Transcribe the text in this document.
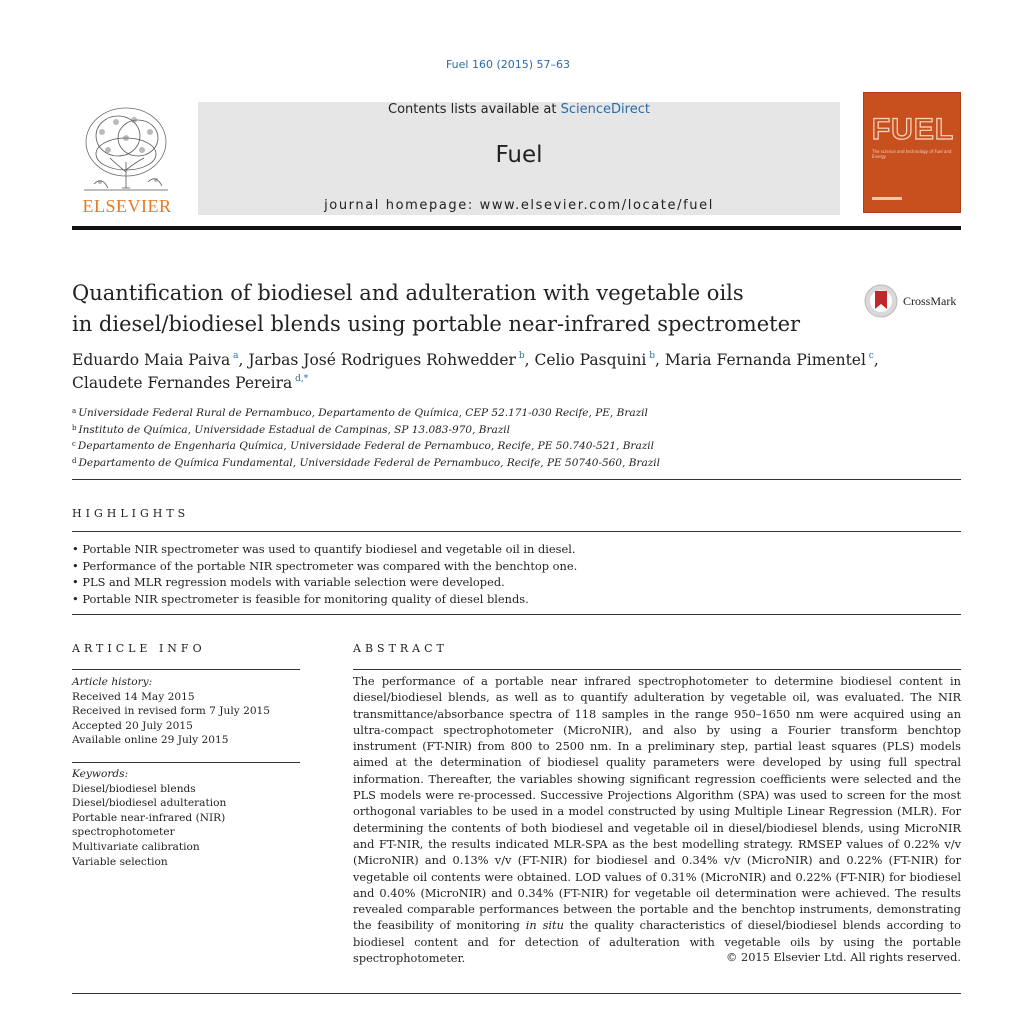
Fuel 160 (2015) 57–63
ELSEVIER
Contents lists available at ScienceDirect
Fuel
journal homepage: www.elsevier.com/locate/fuel
FUEL
The science and technology of Fuel and Energy
Quantification of biodiesel and adulteration with vegetable oils
in diesel/biodiesel blends using portable near-infrared spectrometer
CrossMark
Eduardo Maia Paiva $^a$, Jarbas José Rodrigues Rohwedder $^b$, Celio Pasquini $^b$, Maria Fernanda Pimentel $^c$,
Claudete Fernandes Pereira $^{d,*}$
$^a$ Universidade Federal Rural de Pernambuco, Departamento de Química, CEP 52.171-030 Recife, PE, Brazil
$^b$ Instituto de Química, Universidade Estadual de Campinas, SP 13.083-970, Brazil
$^c$ Departamento de Engenharia Química, Universidade Federal de Pernambuco, Recife, PE 50.740-521, Brazil
$^d$ Departamento de Química Fundamental, Universidade Federal de Pernambuco, Recife, PE 50740-560, Brazil
HIGHLIGHTS
• Portable NIR spectrometer was used to quantify biodiesel and vegetable oil in diesel.
• Performance of the portable NIR spectrometer was compared with the benchtop one.
• PLS and MLR regression models with variable selection were developed.
• Portable NIR spectrometer is feasible for monitoring quality of diesel blends.
ARTICLE INFO
Article history:
Received 14 May 2015
Received in revised form 7 July 2015
Accepted 20 July 2015
Available online 29 July 2015
Keywords:
Diesel/biodiesel blends
Diesel/biodiesel adulteration
Portable near-infrared (NIR)
spectrophotometer
Multivariate calibration
Variable selection
ABSTRACT
The performance of a portable near infrared spectrophotometer to determine biodiesel content in diesel/biodiesel blends, as well as to quantify adulteration by vegetable oil, was evaluated. The NIR transmittance/absorbance spectra of 118 samples in the range 950–1650 nm were acquired using an ultra-compact spectrophotometer (MicroNIR), and also by using a Fourier transform benchtop instrument (FT-NIR) from 800 to 2500 nm. In a preliminary step, partial least squares (PLS) models aimed at the determination of biodiesel quality parameters were developed by using full spectral information. Thereafter, the variables showing significant regression coefficients were selected and the PLS models were re-processed. Successive Projections Algorithm (SPA) was used to screen for the most orthogonal variables to be used in a model constructed by using Multiple Linear Regression (MLR). For determining the contents of both biodiesel and vegetable oil in diesel/biodiesel blends, using MicroNIR and FT-NIR, the results indicated MLR-SPA as the best modelling strategy. RMSEP values of 0.22% v/v (MicroNIR) and 0.13% v/v (FT-NIR) for biodiesel and 0.34% v/v (MicroNIR) and 0.22% (FT-NIR) for vegetable oil contents were obtained. LOD values of 0.31% (MicroNIR) and 0.22% (FT-NIR) for biodiesel and 0.40% (MicroNIR) and 0.34% (FT-NIR) for vegetable oil determination were achieved. The results revealed comparable performances between the portable and the benchtop instruments, demonstrating the feasibility of monitoring in situ the quality characteristics of diesel/biodiesel blends according to biodiesel content and for detection of adulteration with vegetable oils by using the portable spectrophotometer.	© 2015 Elsevier Ltd. All rights reserved.
